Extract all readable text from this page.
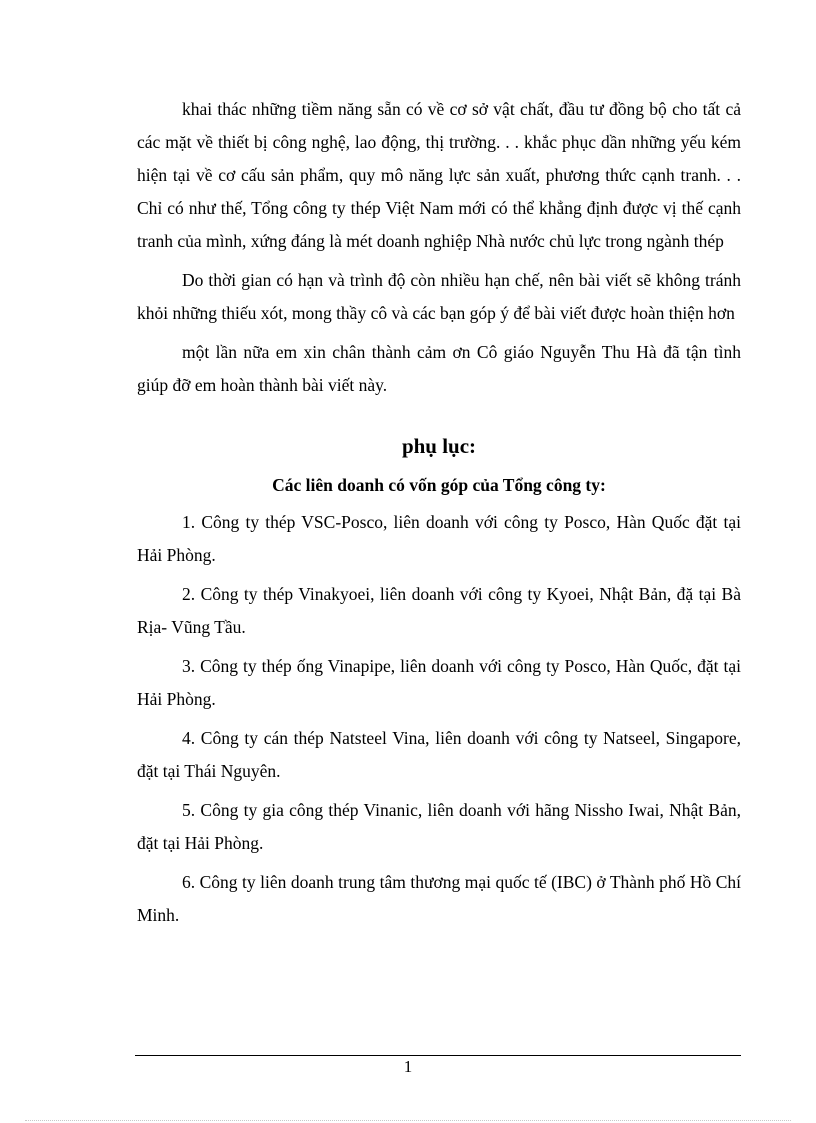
khai thác những tiềm năng sẵn có về cơ sở vật chất, đầu tư đồng bộ cho tất cả các mặt về thiết bị công nghệ, lao động, thị trường. . . khắc phục dần những yếu kém hiện tại về cơ cấu sản phẩm, quy mô năng lực sản xuất, phương thức cạnh tranh. . . Chỉ có như thế, Tổng công ty thép Việt Nam mới có thể khẳng định được vị thế cạnh tranh của mình, xứng đáng là mét doanh nghiệp Nhà nước chủ lực trong ngành thép

Do thời gian có hạn và trình độ còn nhiều hạn chế, nên bài viết sẽ không tránh khỏi những thiếu xót, mong thầy cô và các bạn góp ý để bài viết được hoàn thiện hơn

một lần nữa em xin chân thành cảm ơn Cô giáo Nguyễn Thu Hà đã tận tình giúp đỡ em hoàn thành bài viết này.

phụ lục:
Các liên doanh có vốn góp của Tổng công ty:

1. Công ty thép VSC-Posco, liên doanh với công ty Posco, Hàn Quốc đặt tại Hải Phòng.

2. Công ty thép Vinakyoei, liên doanh với công ty Kyoei, Nhật Bản, đặ tại Bà Rịa- Vũng Tầu.

3. Công ty thép ống Vinapipe, liên doanh với công ty Posco, Hàn Quốc, đặt tại Hải Phòng.

4. Công ty cán thép Natsteel Vina, liên doanh với công ty Natseel, Singapore, đặt tại Thái Nguyên.

5. Công ty gia công thép Vinanic, liên doanh với hãng Nissho Iwai, Nhật Bản, đặt tại Hải Phòng.

6. Công ty liên doanh trung tâm thương mại quốc tế (IBC) ở Thành phố Hồ Chí Minh.

1
